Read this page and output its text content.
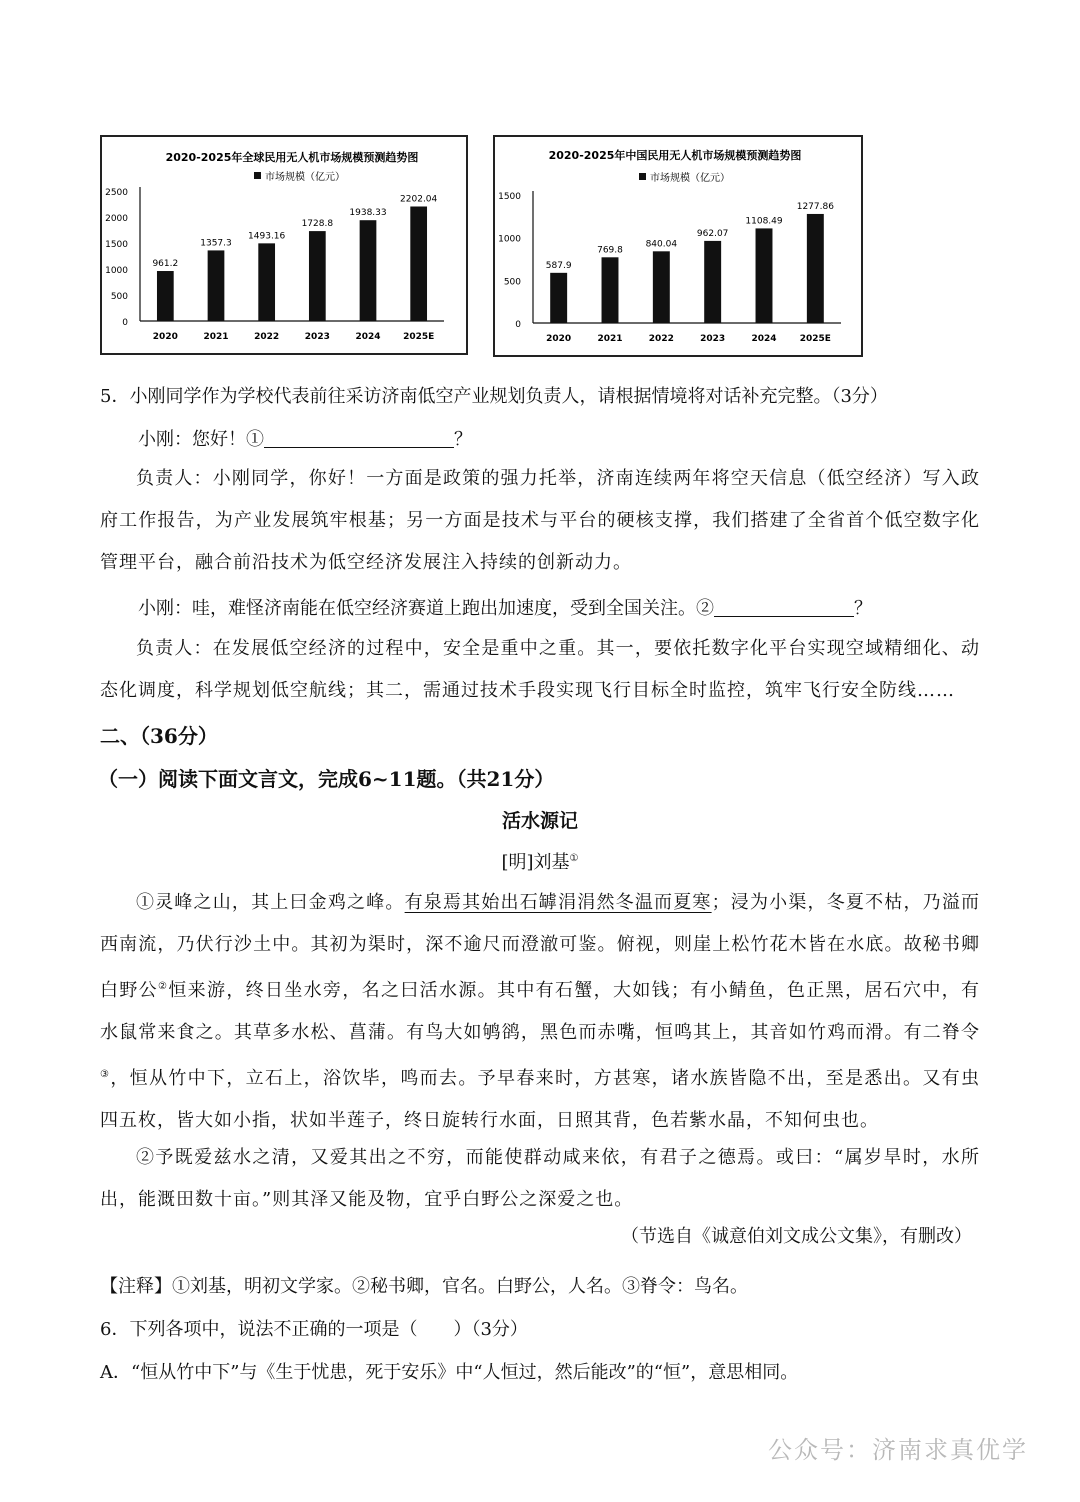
2020-2025年全球民用无人机市场规模预测趋势图
市场规模（亿元）
0
500
1000
1500
2000
2500
961.2
2020
1357.3
2021
1493.16
2022
1728.8
2023
1938.33
2024
2202.04
2025E
2020-2025年中国民用无人机市场规模预测趋势图
市场规模（亿元）
0
500
1000
1500
587.9
2020
769.8
2021
840.04
2022
962.07
2023
1108.49
2024
1277.86
2025E
5．小刚同学作为学校代表前往采访济南低空产业规划负责人，请根据情境将对话补充完整。（3分）
小刚：您好！①	？
负责人：小刚同学，你好！一方面是政策的强力托举，济南连续两年将空天信息（低空经济）写入政府工作报告，为产业发展筑牢根基；另一方面是技术与平台的硬核支撑，我们搭建了全省首个低空数字化管理平台，融合前沿技术为低空经济发展注入持续的创新动力。
小刚：哇，难怪济南能在低空经济赛道上跑出加速度，受到全国关注。②	？
负责人：在发展低空经济的过程中，安全是重中之重。其一，要依托数字化平台实现空域精细化、动态化调度，科学规划低空航线；其二，需通过技术手段实现飞行目标全时监控，筑牢飞行安全防线……
二、（36分）
（一）阅读下面文言文，完成6~11题。（共21分）
活水源记
[明]刘基①
①灵峰之山，其上曰金鸡之峰。有泉焉其始出石罅涓涓然冬温而夏寒；浸为小渠，冬夏不枯，乃溢而西南流，乃伏行沙土中。其初为渠时，深不逾尺而澄澈可鉴。俯视，则崖上松竹花木皆在水底。故秘书卿白野公②恒来游，终日坐水旁，名之曰活水源。其中有石蟹，大如钱；有小鲭鱼，色正黑，居石穴中，有水鼠常来食之。其草多水松、菖蒲。有鸟大如鸲鹆，黑色而赤嘴，恒鸣其上，其音如竹鸡而滑。有二脊令③，恒从竹中下，立石上，浴饮毕，鸣而去。予早春来时，方甚寒，诸水族皆隐不出，至是悉出。又有虫四五枚，皆大如小指，状如半莲子，终日旋转行水面，日照其背，色若紫水晶，不知何虫也。
②予既爱兹水之清，又爱其出之不穷，而能使群动咸来依，有君子之德焉。或曰：“属岁旱时，水所出，能溉田数十亩。”则其泽又能及物，宜乎白野公之深爱之也。
（节选自《诚意伯刘文成公文集》，有删改）
【注释】①刘基，明初文学家。②秘书卿，官名。白野公，人名。③脊令：鸟名。
6．下列各项中，说法不正确的一项是（　　）（3分）
A．“恒从竹中下”与《生于忧患，死于安乐》中“人恒过，然后能改”的“恒”，意思相同。
公众号：济南求真优学
